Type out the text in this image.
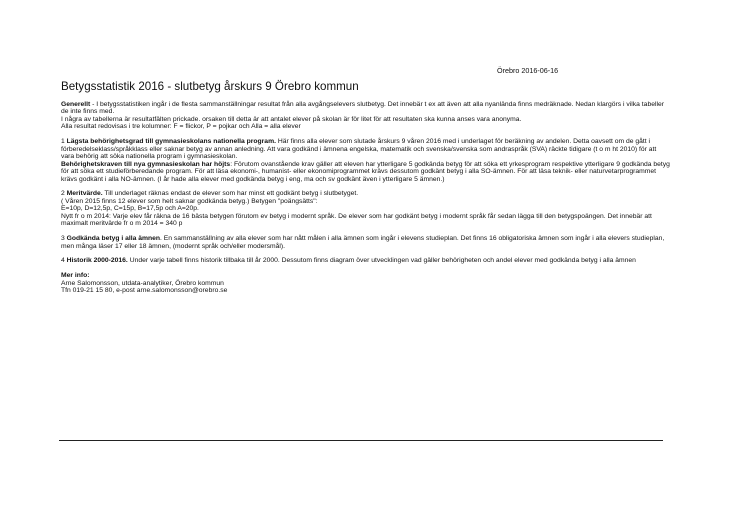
Örebro 2016-06-16
Betygsstatistik 2016 - slutbetyg årskurs 9 Örebro kommun

Generellt - I betygsstatistiken ingår i de flesta sammanställningar resultat från alla avgångselevers slutbetyg. Det innebär t ex att även att alla nyanlända finns medräknade. Nedan klargörs i vilka tabeller de inte finns med.

I några av tabellerna är resultatfälten prickade. orsaken till detta är att antalet elever på skolan är för litet för att resultaten ska kunna anses vara anonyma.

Alla resultat redovisas i tre kolumner: F = flickor, P = pojkar och Alla = alla elever

1 Lägsta behörighetsgrad till gymnasieskolans nationella program. Här finns alla elever som slutade årskurs 9 våren 2016 med i underlaget för beräkning av andelen. Detta oavsett om de gått i förberedelseklass/språkklass eller saknar betyg av annan anledning. Att vara godkänd i ämnena engelska, matematik och svenska/svenska som andraspråk (SVA) räckte tidigare (t o m ht 2010) för att vara behörig att söka nationella program i gymnasieskolan.

Behörighetskraven till nya gymnasieskolan har höjts: Förutom ovanstående krav gäller att eleven har ytterligare 5 godkända betyg för att söka ett yrkesprogram respektive ytterligare 9 godkända betyg för att söka ett studieförberedande program. För att läsa ekonomi-, humanist- eller ekonomiprogrammet krävs dessutom godkänt betyg i alla SO-ämnen. För att läsa teknik- eller naturvetarprogrammet krävs godkänt i alla NO-ämnen. (I år hade alla elever med godkända betyg i eng, ma och sv godkänt även i ytterligare 5 ämnen.)

2 Meritvärde. Till underlaget räknas endast de elever som har minst ett godkänt betyg i slutbetyget.

( Våren 2015 finns 12 elever som helt saknar godkända betyg.) Betygen "poängsätts":

E=10p, D=12,5p, C=15p, B=17,5p och A=20p.

Nytt fr o m 2014: Varje elev får räkna de 16 bästa betygen förutom ev betyg i modernt språk. De elever som har godkänt betyg i modernt språk får sedan lägga till den betygspoängen. Det innebär att maximalt meritvärde fr o m 2014 = 340 p

3 Godkända betyg i alla ämnen. En sammanställning av alla elever som har nått målen i alla ämnen som ingår i elevens studieplan. Det finns 16 obligatoriska ämnen som ingår i alla elevers studieplan, men många läser 17 eller 18 ämnen, (modernt språk och/eller modersmål).

4 Historik 2000-2016. Under varje tabell finns historik tillbaka till år 2000. Dessutom finns diagram över utvecklingen vad gäller behörigheten och andel elever med godkända betyg i alla ämnen

Mer info:

Arne Salomonsson, utdata-analytiker, Örebro kommun

Tfn 019-21 15 80, e-post arne.salomonsson@orebro.se
